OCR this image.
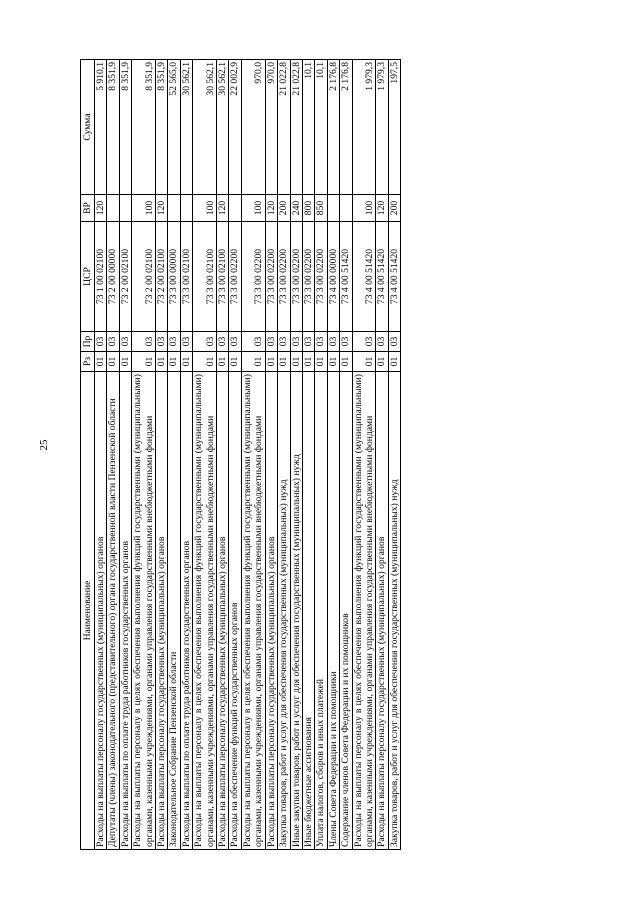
25
Наименование	Рз	Пр	ЦСР	ВР	Сумма
Расходы на выплаты персоналу государственных (муниципальных) органов	01	03	73 1 00 02100	120	5 910,1
Депутаты (члены) законодательного (представительного) органа государственной власти Пензенской области	01	03	73 2 00 00000		8 351,9
Расходы на выплаты по оплате труда работников государственных органов	01	03	73 2 00 02100		8 351,9
Расходы на выплаты персоналу в целях обеспечения выполнения функций государственными (муниципальными) органами, казенными учреждениями, органами управления государственными внебюджетными фондами	01	03	73 2 00 02100	100	8 351,9
Расходы на выплаты персоналу государственных (муниципальных) органов	01	03	73 2 00 02100	120	8 351,9
Законодательное Собрание Пензенской области	01	03	73 3 00 00000		52 565,0
Расходы на выплаты по оплате труда работников государственных органов	01	03	73 3 00 02100		30 562,1
Расходы на выплаты персоналу в целях обеспечения выполнения функций государственными (муниципальными) органами, казенными учреждениями, органами управления государственными внебюджетными фондами	01	03	73 3 00 02100	100	30 562,1
Расходы на выплаты персоналу государственных (муниципальных) органов	01	03	73 3 00 02100	120	30 562,1
Расходы на обеспечение функций государственных органов	01	03	73 3 00 02200		22 002,9
Расходы на выплаты персоналу в целях обеспечения выполнения функций государственными (муниципальными) органами, казенными учреждениями, органами управления государственными внебюджетными фондами	01	03	73 3 00 02200	100	970,0
Расходы на выплаты персоналу государственных (муниципальных) органов	01	03	73 3 00 02200	120	970,0
Закупка товаров, работ и услуг для обеспечения государственных (муниципальных) нужд	01	03	73 3 00 02200	200	21 022,8
Иные закупки товаров, работ и услуг для обеспечения государственных (муниципальных) нужд	01	03	73 3 00 02200	240	21 022,8
Иные бюджетные ассигнования	01	03	73 3 00 02200	800	10,1
Уплата налогов, сборов и иных платежей	01	03	73 3 00 02200	850	10,1
Члены Совета Федерации и их помощники	01	03	73 4 00 00000		2 176,8
Содержание членов Совета Федерации и их помощников	01	03	73 4 00 51420		2 176,8
Расходы на выплаты персоналу в целях обеспечения выполнения функций государственными (муниципальными) органами, казенными учреждениями, органами управления государственными внебюджетными фондами	01	03	73 4 00 51420	100	1 979,3
Расходы на выплаты персоналу государственных (муниципальных) органов	01	03	73 4 00 51420	120	1 979,3
Закупка товаров, работ и услуг для обеспечения государственных (муниципальных) нужд	01	03	73 4 00 51420	200	197,5
